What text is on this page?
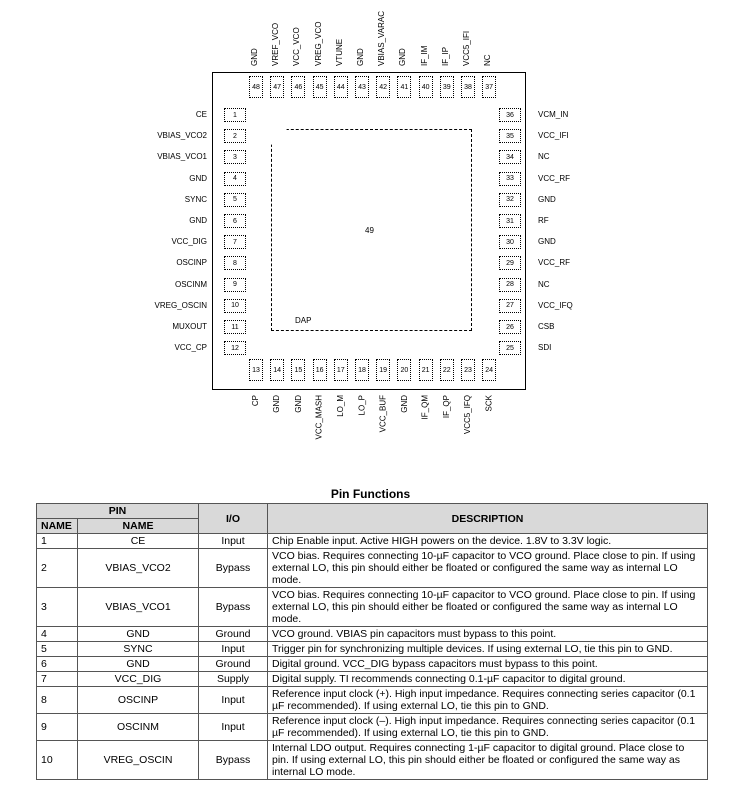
49
DAP
1
CE
2
VBIAS_VCO2
3
VBIAS_VCO1
4
GND
5
SYNC
6
GND
7
VCC_DIG
8
OSCINP
9
OSCINM
10
VREG_OSCIN
11
MUXOUT
12
VCC_CP
36	VCM_IN
35	VCC_IFI
34	NC
33	VCC_RF
32	GND
31	RF
30	GND
29	VCC_RF
28	NC
27	VCC_IFQ
26	CSB
25	SDI
48
GND
47
VREF_VCO
46
VCC_VCO
45
VREG_VCO
44
VTUNE
43
GND
42
VBIAS_VARAC
41
GND
40
IF_IM
39
IF_IP
38
VCC5_IFI
37
NC
13
CP
14
GND
15
GND
16
VCC_MASH
17
LO_M
18
LO_P
19
VCC_BUF
20
GND
21
IF_QM
22
IF_QP
23
VCC5_IFQ
24
SCK
Pin Functions
PIN		I/O	DESCRIPTION
NAME	NAME		
1	CE	Input	Chip Enable input. Active HIGH powers on the device. 1.8V to 3.3V logic.
2	VBIAS_VCO2	Bypass	VCO bias. Requires connecting 10-µF capacitor to VCO ground. Place close to pin. If using external LO, this pin should either be floated or configured the same way as internal LO mode.
3	VBIAS_VCO1	Bypass	VCO bias. Requires connecting 10-µF capacitor to VCO ground. Place close to pin. If using external LO, this pin should either be floated or configured the same way as internal LO mode.
4	GND	Ground	VCO ground. VBIAS pin capacitors must bypass to this point.
5	SYNC	Input	Trigger pin for synchronizing multiple devices. If using external LO, tie this pin to GND.
6	GND	Ground	Digital ground. VCC_DIG bypass capacitors must bypass to this point.
7	VCC_DIG	Supply	Digital supply. TI recommends connecting 0.1-µF capacitor to digital ground.
8	OSCINP	Input	Reference input clock (+). High input impedance. Requires connecting series capacitor (0.1 µF recommended). If using external LO, tie this pin to GND.
9	OSCINM	Input	Reference input clock (–). High input impedance. Requires connecting series capacitor (0.1 µF recommended). If using external LO, tie this pin to GND.
10	VREG_OSCIN	Bypass	Internal LDO output. Requires connecting 1-µF capacitor to digital ground. Place close to pin. If using external LO, this pin should either be floated or configured the same way as internal LO mode.
